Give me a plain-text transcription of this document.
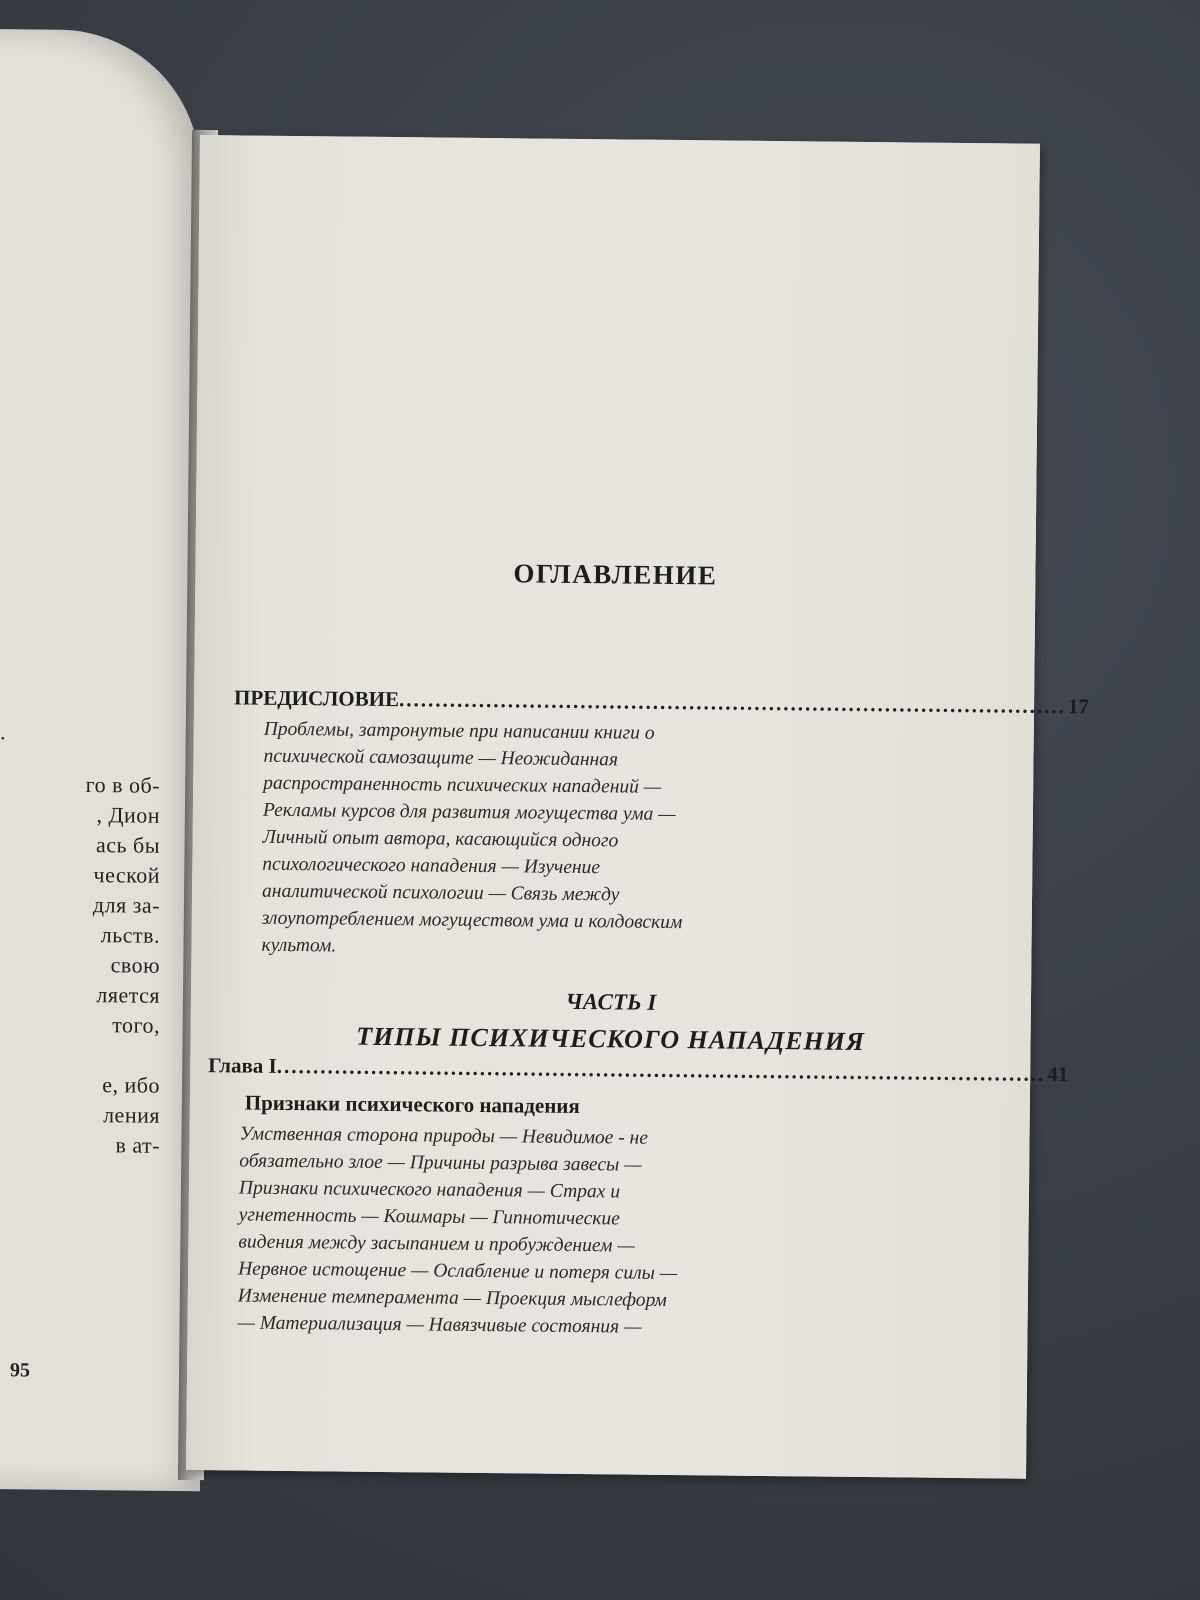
.
го в об-
, Дион
ась бы
ческой
для за-
льств.
свою
ляется
того,
е, ибо
ления
в ат-
95
ОГЛАВЛЕНИЕ
ПРЕДИСЛОВИЕ ............................................................................................ 17
Проблемы, затронутые при написании книги о
психической самозащите — Неожиданная
распространенность психических нападений —
Рекламы курсов для развития могущества ума —
Личный опыт автора, касающийся одного
психологического нападения — Изучение
аналитической психологии — Связь между
злоупотреблением могуществом ума и колдовским
культом.
ЧАСТЬ I
ТИПЫ ПСИХИЧЕСКОГО НАПАДЕНИЯ
Глава I .......................................................................................................... 41
Признаки психического нападения
Умственная сторона природы — Невидимое - не
обязательно злое — Причины разрыва завесы —
Признаки психического нападения — Страх и
угнетенность — Кошмары — Гипнотические
видения между засыпанием и пробуждением —
Нервное истощение — Ослабление и потеря силы —
Изменение темперамента — Проекция мыслеформ
— Материализация — Навязчивые состояния —
